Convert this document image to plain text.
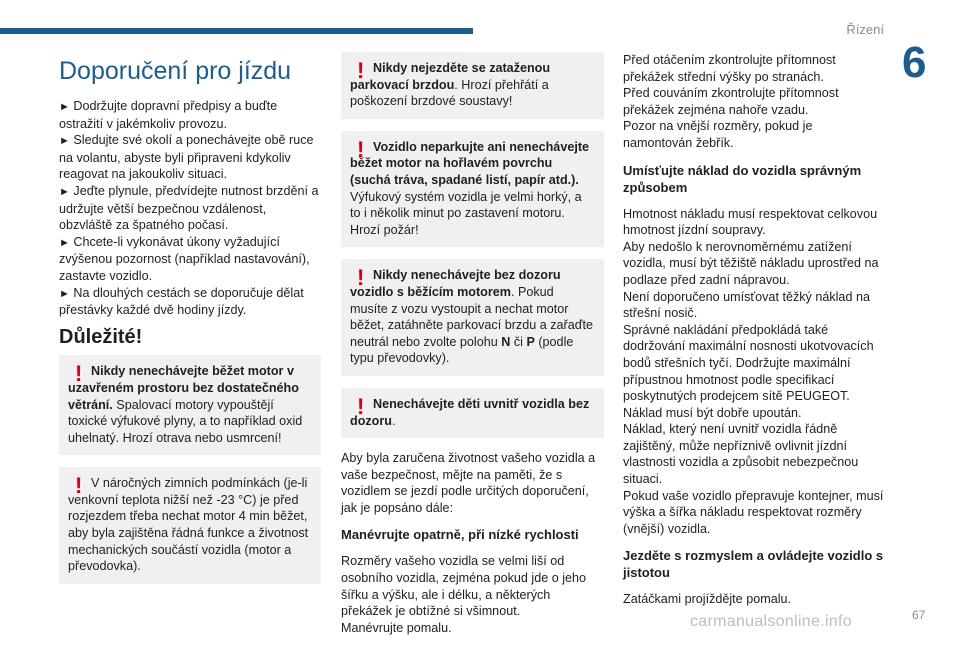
Řízení
6
67
carmanualsonline.info
Doporučení pro jízdu

► Dodržujte dopravní předpisy a buďte ostražití v jakémkoliv provozu.

► Sledujte své okolí a ponechávejte obě ruce na volantu, abyste byli připraveni kdykoliv reagovat na jakoukoliv situaci.

► Jeďte plynule, předvídejte nutnost brzdění a udržujte větší bezpečnou vzdálenost, obzvláště za špatného počasí.

► Chcete-li vykonávat úkony vyžadující zvýšenou pozornost (například nastavování), zastavte vozidlo.

► Na dlouhých cestách se doporučuje dělat přestávky každé dvě hodiny jízdy.

Důležité!
! Nikdy nenechávejte běžet motor v uzavřeném prostoru bez dostatečného větrání. Spalovací motory vypouštějí toxické výfukové plyny, a to například oxid uhelnatý. Hrozí otrava nebo usmrcení!

! V náročných zimních podmínkách (je-li venkovní teplota nižší než -23 °C) je před rozjezdem třeba nechat motor 4 min běžet, aby byla zajištěna řádná funkce a životnost mechanických součástí vozidla (motor a převodovka).

! Nikdy nejezděte se zataženou parkovací brzdou. Hrozí přehřátí a poškození brzdové soustavy!

! Vozidlo neparkujte ani nenechávejte běžet motor na hořlavém povrchu (suchá tráva, spadané listí, papír atd.). Výfukový systém vozidla je velmi horký, a to i několik minut po zastavení motoru. Hrozí požár!

! Nikdy nenechávejte bez dozoru vozidlo s běžícím motorem. Pokud musíte z vozu vystoupit a nechat motor běžet, zatáhněte parkovací brzdu a zařaďte neutrál nebo zvolte polohu N či P (podle typu převodovky).

! Nenechávejte děti uvnitř vozidla bez dozoru.

Aby byla zaručena životnost vašeho vozidla a vaše bezpečnost, mějte na paměti, že s vozidlem se jezdí podle určitých doporučení, jak je popsáno dále:

Manévrujte opatrně, při nízké rychlosti

Rozměry vašeho vozidla se velmi liší od osobního vozidla, zejména pokud jde o jeho šířku a výšku, ale i délku, a některých překážek je obtížné si všimnout.

Manévrujte pomalu.

Před otáčením zkontrolujte přítomnost překážek střední výšky po stranách.

Před couváním zkontrolujte přítomnost překážek zejména nahoře vzadu.

Pozor na vnější rozměry, pokud je namontován žebřík.

Umísťujte náklad do vozidla správným způsobem

Hmotnost nákladu musí respektovat celkovou hmotnost jízdní soupravy.

Aby nedošlo k nerovnoměrnému zatížení vozidla, musí být těžiště nákladu uprostřed na podlaze před zadní nápravou.

Není doporučeno umísťovat těžký náklad na střešní nosič.

Správné nakládání předpokládá také dodržování maximální nosnosti ukotvovacích bodů střešních tyčí. Dodržujte maximální přípustnou hmotnost podle specifikací poskytnutých prodejcem sítě PEUGEOT.

Náklad musí být dobře upoután.

Náklad, který není uvnitř vozidla řádně zajištěný, může nepříznivě ovlivnit jízdní vlastnosti vozidla a způsobit nebezpečnou situaci.

Pokud vaše vozidlo přepravuje kontejner, musí výška a šířka nákladu respektovat rozměry (vnější) vozidla.

Jezděte s rozmyslem a ovládejte vozidlo s jistotou

Zatáčkami projíždějte pomalu.
